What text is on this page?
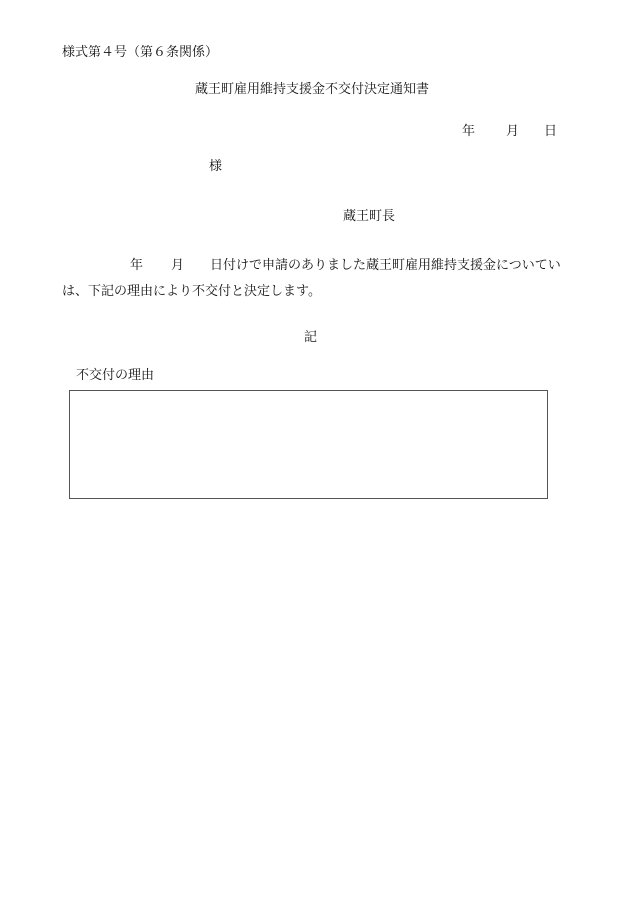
様式第４号（第６条関係）
蔵王町雇用維持支援金不交付決定通知書
年 月 日
様
蔵王町長
年 月 日付けで申請のありました蔵王町雇用維持支援金についてい
は、下記の理由により不交付と決定します。
記
不交付の理由
